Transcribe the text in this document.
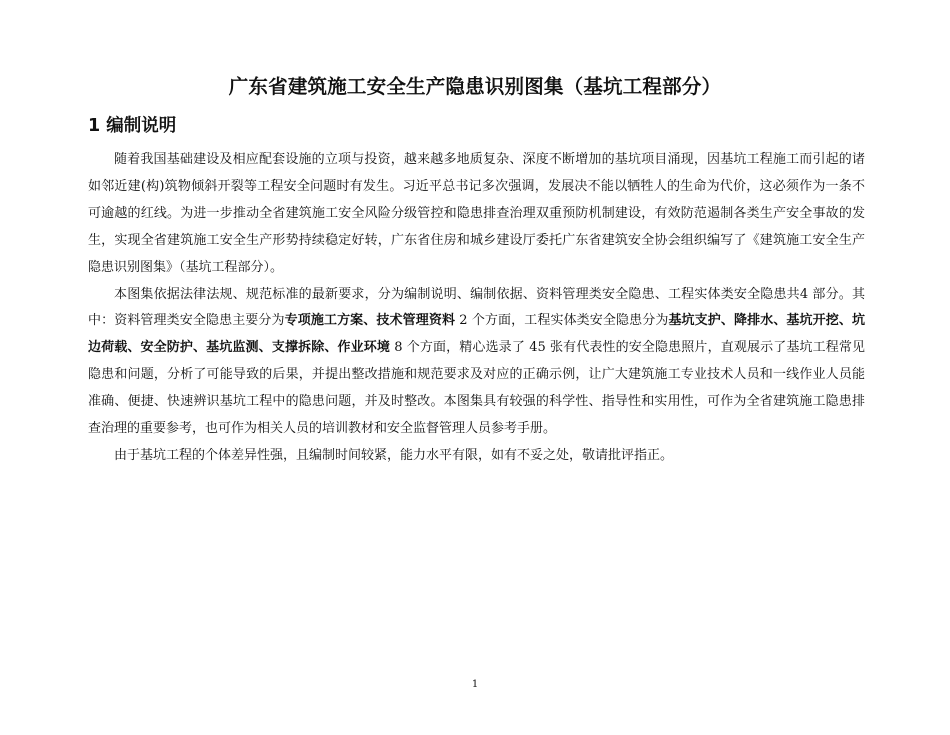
广东省建筑施工安全生产隐患识别图集（基坑工程部分）
1 编制说明

随着我国基础建设及相应配套设施的立项与投资，越来越多地质复杂、深度不断增加的基坑项目涌现，因基坑工程施工而引起的诸如邻近建(构)筑物倾斜开裂等工程安全问题时有发生。习近平总书记多次强调，发展决不能以牺牲人的生命为代价，这必须作为一条不可逾越的红线。为进一步推动全省建筑施工安全风险分级管控和隐患排查治理双重预防机制建设，有效防范遏制各类生产安全事故的发生，实现全省建筑施工安全生产形势持续稳定好转，广东省住房和城乡建设厅委托广东省建筑安全协会组织编写了《建筑施工安全生产隐患识别图集》（基坑工程部分）。

本图集依据法律法规、规范标准的最新要求，分为编制说明、编制依据、资料管理类安全隐患、工程实体类安全隐患共4 部分。其中：资料管理类安全隐患主要分为专项施工方案、技术管理资料 2 个方面，工程实体类安全隐患分为基坑支护、降排水、基坑开挖、坑边荷载、安全防护、基坑监测、支撑拆除、作业环境 8 个方面，精心选录了 45 张有代表性的安全隐患照片，直观展示了基坑工程常见隐患和问题，分析了可能导致的后果，并提出整改措施和规范要求及对应的正确示例，让广大建筑施工专业技术人员和一线作业人员能准确、便捷、快速辨识基坑工程中的隐患问题，并及时整改。本图集具有较强的科学性、指导性和实用性，可作为全省建筑施工隐患排查治理的重要参考，也可作为相关人员的培训教材和安全监督管理人员参考手册。

由于基坑工程的个体差异性强，且编制时间较紧，能力水平有限，如有不妥之处，敬请批评指正。

1
